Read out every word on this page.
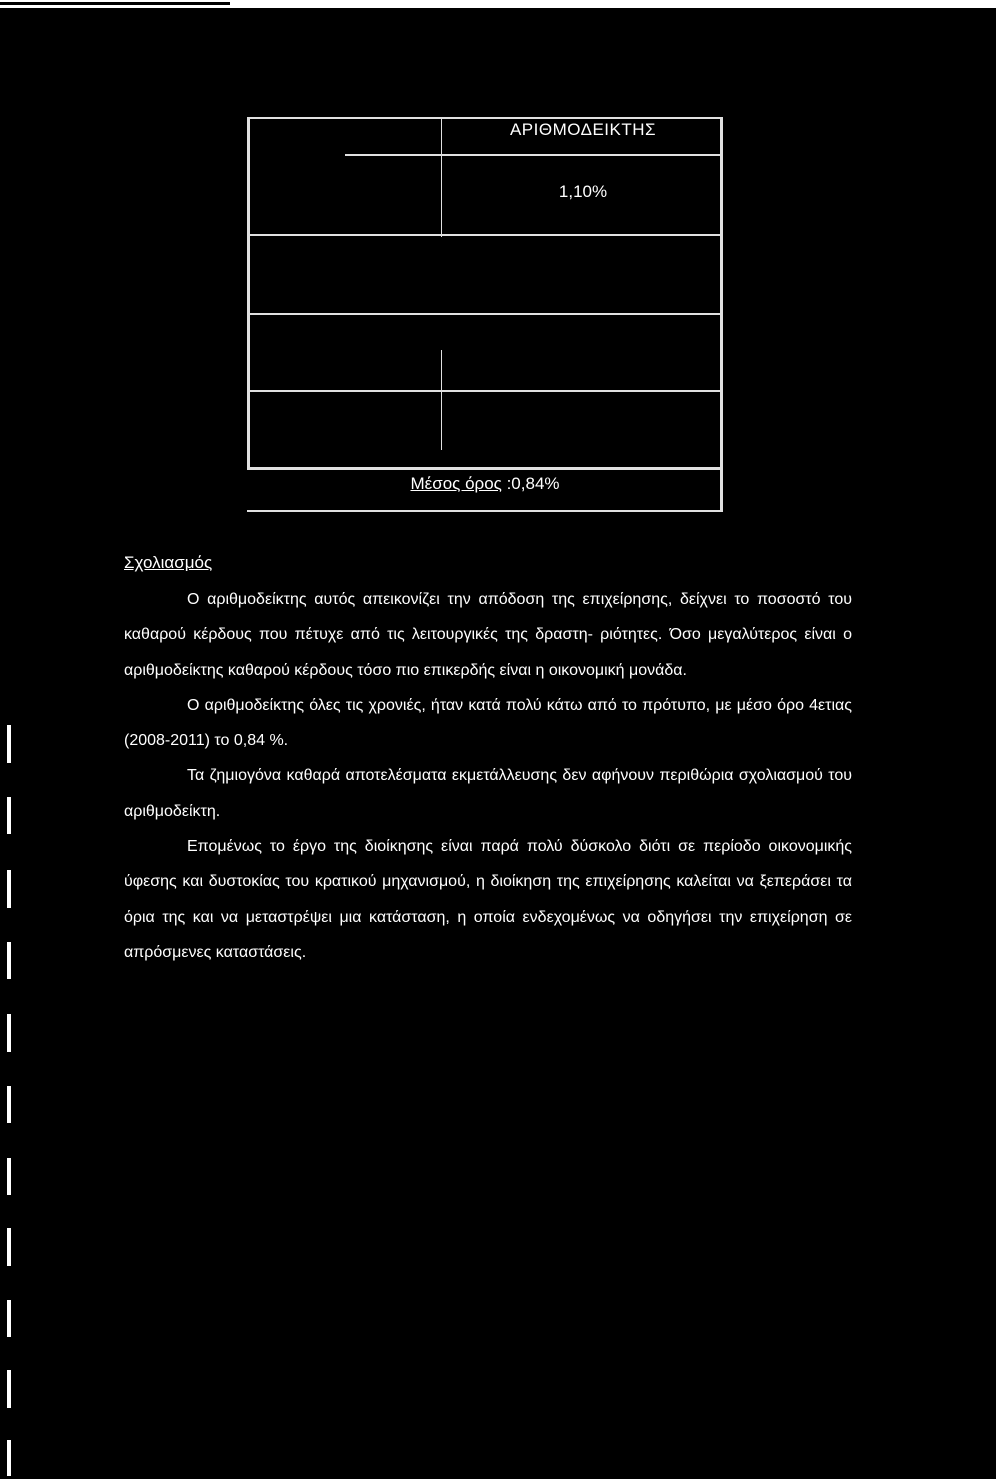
ΑΡΙΘΜΟΔΕΙΚΤΗΣ
1,10%
Μέσος όρος :0,84%
Σχολιασμός

Ο αριθμοδείκτης αυτός απεικονίζει την απόδοση της επιχείρησης, δείχνει το ποσοστό του καθαρού κέρδους που πέτυχε από τις λειτουργικές της δραστη- ριότητες. Όσο μεγαλύτερος είναι ο αριθμοδείκτης καθαρού κέρδους τόσο πιο επικερδής είναι η οικονομική μονάδα.

Ο αριθμοδείκτης όλες τις χρονιές, ήταν κατά πολύ κάτω από το πρότυπο, με μέσο όρο 4ετιας (2008-2011) το 0,84 %.

Τα ζημιογόνα καθαρά αποτελέσματα εκμετάλλευσης δεν αφήνουν περιθώρια σχολιασμού του αριθμοδείκτη.

Επομένως το έργο της διοίκησης είναι παρά πολύ δύσκολο διότι σε περίοδο οικονομικής ύφεσης και δυστοκίας του κρατικού μηχανισμού, η διοίκηση της επιχείρησης καλείται να ξεπεράσει τα όρια της και να μεταστρέψει μια κατάσταση, η οποία ενδεχομένως να οδηγήσει την επιχείρηση σε απρόσμενες καταστάσεις.
